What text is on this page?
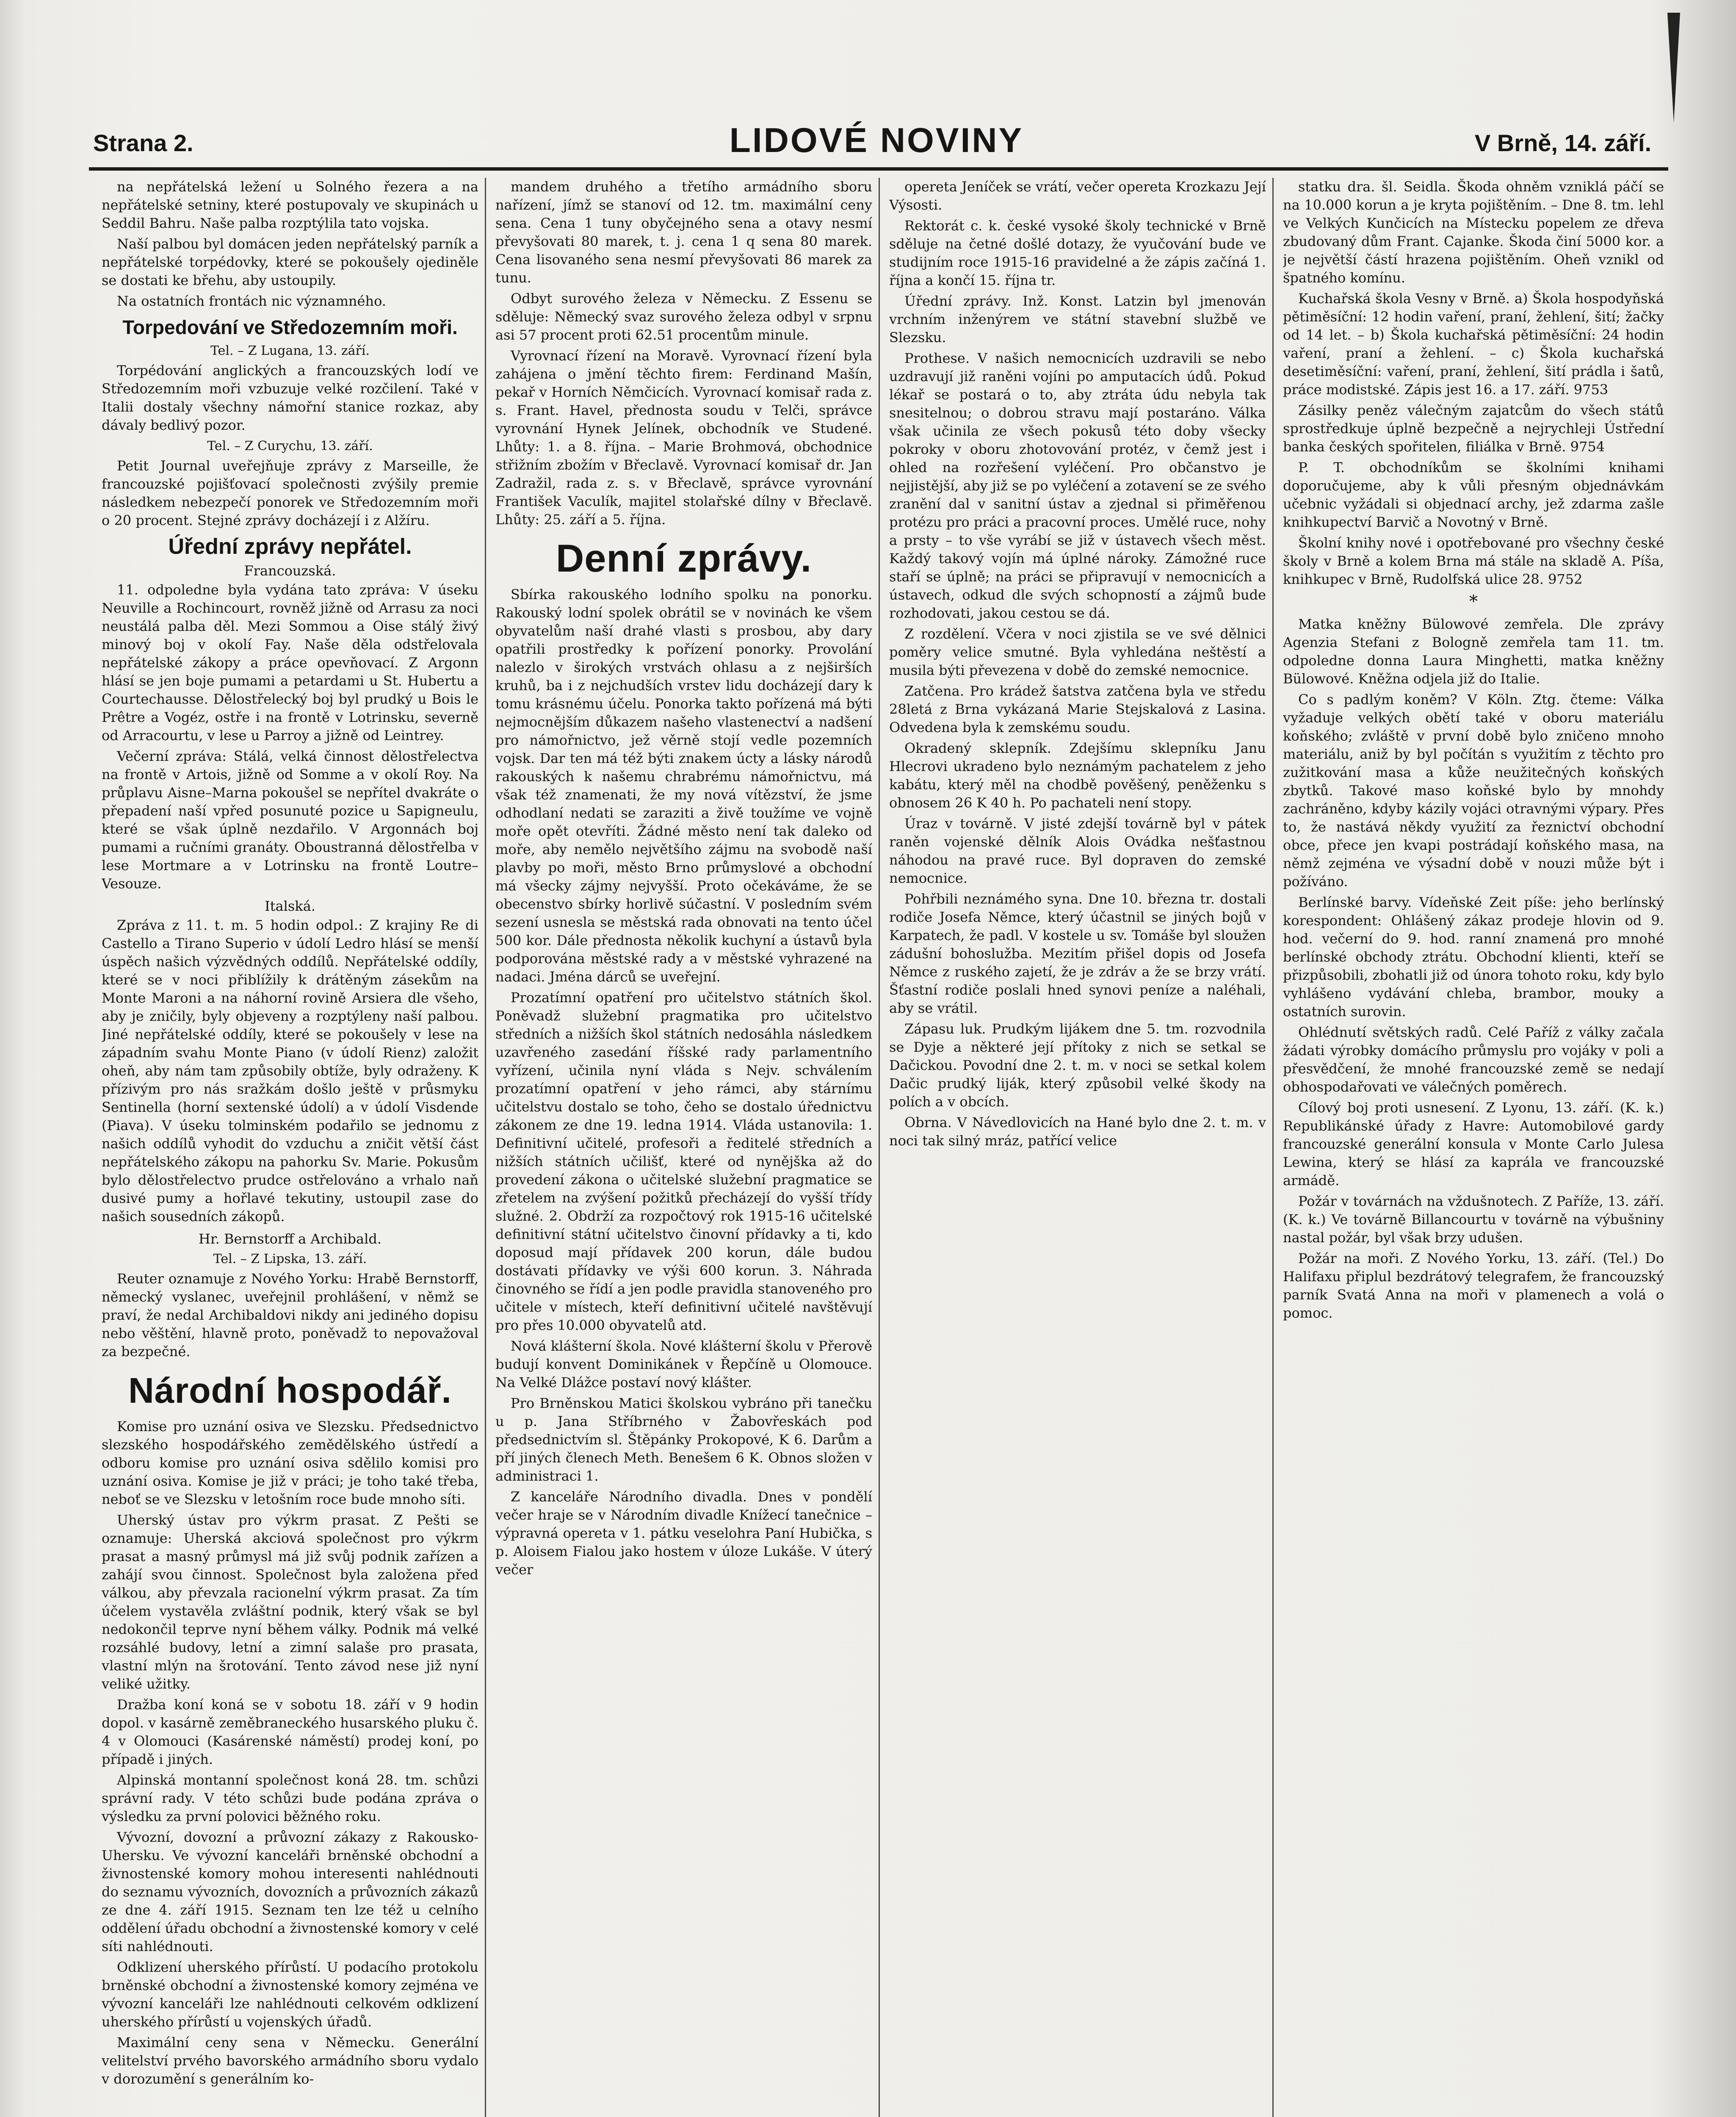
Strana 2.	LIDOVÉ NOVINY	V Brně, 14. září.

na nepřátelská ležení u Solného řezera a na nepřátelské setniny, které postupovaly ve skupinách u Seddil Bahru. Naše palba rozptýlila tato vojska.

Naší palbou byl domácen jeden nepřátelský parník a nepřátelské torpédovky, které se pokoušely ojediněle se dostati ke břehu, aby ustoupily.

Na ostatních frontách nic významného.

Torpedování ve Středozemním moři.
Tel. – Z Lugana, 13. září.

Torpédování anglických a francouzských lodí ve Středozemním moři vzbuzuje velké rozčilení. Také v Italii dostaly všechny námořní stanice rozkaz, aby dávaly bedlivý pozor.

Tel. – Z Curychu, 13. září.

Petit Journal uveřejňuje zprávy z Marseille, že francouzské pojišťovací společnosti zvýšily premie následkem nebezpečí ponorek ve Středozemním moři o 20 procent. Stejné zprávy docházejí i z Alžíru.

Úřední zprávy nepřátel.
Francouzská.

11. odpoledne byla vydána tato zpráva: V úseku Neuville a Rochincourt, rovněž jižně od Arrasu za noci neustálá palba děl. Mezi Sommou a Oise stálý živý minový boj v okolí Fay. Naše děla odstřelovala nepřátelské zákopy a práce opevňovací. Z Argonn hlásí se jen boje pumami a petardami u St. Hubertu a Courtechausse. Dělostřelecký boj byl prudký u Bois le Prêtre a Vogéz, ostře i na frontě v Lotrinsku, severně od Arracourtu, v lese u Parroy a jižně od Leintrey.

Večerní zpráva: Stálá, velká činnost dělostřelectva na frontě v Artois, jižně od Somme a v okolí Roy. Na průplavu Aisne–Marna pokoušel se nepřítel dvakráte o přepadení naší vpřed posunuté pozice u Sapigneulu, které se však úplně nezdařilo. V Argonnách boj pumami a ručními granáty. Oboustranná dělostřelba v lese Mortmare a v Lotrinsku na frontě Loutre–Vesouze.

Italská.

Zpráva z 11. t. m. 5 hodin odpol.: Z krajiny Re di Castello a Tirano Superio v údolí Ledro hlásí se menší úspěch našich výzvědných oddílů. Nepřátelské oddíly, které se v noci přiblížily k drátěným zásekům na Monte Maroni a na náhorní rovině Arsiera dle všeho, aby je zničily, byly objeveny a rozptýleny naší palbou. Jiné nepřátelské oddíly, které se pokoušely v lese na západním svahu Monte Piano (v údolí Rienz) založit oheň, aby nám tam způsobily obtíže, byly odraženy. K přízivým pro nás sražkám došlo ještě v průsmyku Sentinella (horní sextenské údolí) a v údolí Visdende (Piava). V úseku tolminském podařilo se jednomu z našich oddílů vyhodit do vzduchu a zničit větší část nepřátelského zákopu na pahorku Sv. Marie. Pokusům bylo dělostřelectvo prudce ostřelováno a vrhalo naň dusivé pumy a hořlavé tekutiny, ustoupil zase do našich sousedních zákopů.

Hr. Bernstorff a Archibald.
Tel. – Z Lipska, 13. září.

Reuter oznamuje z Nového Yorku: Hrabě Bernstorff, německý vyslanec, uveřejnil prohlášení, v němž se praví, že nedal Archibaldovi nikdy ani jediného dopisu nebo věštění, hlavně proto, poněvadž to nepovažoval za bezpečné.

Národní hospodář.

Komise pro uznání osiva ve Slezsku. Předsednictvo slezského hospodářského zemědělského ústředí a odboru komise pro uznání osiva sdělilo komisi pro uznání osiva. Komise je již v práci; je toho také třeba, neboť se ve Slezsku v letošním roce bude mnoho síti.

Uherský ústav pro výkrm prasat. Z Pešti se oznamuje: Uherská akciová společnost pro výkrm prasat a masný průmysl má již svůj podnik zařízen a zahájí svou činnost. Společnost byla založena před válkou, aby převzala racionelní výkrm prasat. Za tím účelem vystavěla zvláštní podnik, který však se byl nedokončil teprve nyní během války. Podnik má velké rozsáhlé budovy, letní a zimní salaše pro prasata, vlastní mlýn na šrotování. Tento závod nese již nyní veliké užitky.

Dražba koní koná se v sobotu 18. září v 9 hodin dopol. v kasárně zeměbraneckého husarského pluku č. 4 v Olomouci (Kasárenské náměstí) prodej koní, po případě i jiných.

Alpinská montanní společnost koná 28. tm. schůzi správní rady. V této schůzi bude podána zpráva o výsledku za první polovici běžného roku.

Vývozní, dovozní a průvozní zákazy z Rakousko-Uhersku. Ve vývozní kanceláři brněnské obchodní a živnostenské komory mohou interesenti nahlédnouti do seznamu vývozních, dovozních a průvozních zákazů ze dne 4. září 1915. Seznam ten lze též u celního oddělení úřadu obchodní a živnostenské komory v celé síti nahlédnouti.

Odklizení uherského přírůstí. U podacího protokolu brněnské obchodní a živnostenské komory zejména ve vývozní kanceláři lze nahlédnouti celkovém odklizení uherského přírůstí u vojenských úřadů.

Maximální ceny sena v Německu. Generální velitelství prvého bavorského armádního sboru vydalo v dorozumění s generálním ko-

mandem druhého a třetího armádního sboru nařízení, jímž se stanoví od 12. tm. maximální ceny sena. Cena 1 tuny obyčejného sena a otavy nesmí převyšovati 80 marek, t. j. cena 1 q sena 80 marek. Cena lisovaného sena nesmí převyšovati 86 marek za tunu.

Odbyt surového železa v Německu. Z Essenu se sděluje: Německý svaz surového železa odbyl v srpnu asi 57 procent proti 62.51 procentům minule.

Vyrovnací řízení na Moravě. Vyrovnací řízení byla zahájena o jmění těchto firem: Ferdinand Mašín, pekař v Horních Němčicích. Vyrovnací komisař rada z. s. Frant. Havel, přednosta soudu v Telči, správce vyrovnání Hynek Jelínek, obchodník ve Studené. Lhůty: 1. a 8. října. – Marie Brohmová, obchodnice střižním zbožím v Břeclavě. Vyrovnací komisař dr. Jan Zadražil, rada z. s. v Břeclavě, správce vyrovnání František Vaculík, majitel stolařské dílny v Břeclavě. Lhůty: 25. září a 5. října.

Denní zprávy.

Sbírka rakouského lodního spolku na ponorku. Rakouský lodní spolek obrátil se v novinách ke všem obyvatelům naší drahé vlasti s prosbou, aby dary opatřili prostředky k pořízení ponorky. Provolání nalezlo v širokých vrstvách ohlasu a z nejširších kruhů, ba i z nejchudších vrstev lidu docházejí dary k tomu krásnému účelu. Ponorka takto pořízená má býti nejmocnějším důkazem našeho vlastenectví a nadšení pro námořnictvo, jež věrně stojí vedle pozemních vojsk. Dar ten má též býti znakem úcty a lásky národů rakouských k našemu chrabrému námořnictvu, má však též znamenati, že my nová vítězství, že jsme odhodlaní nedati se zaraziti a živě toužíme ve vojně moře opět otevříti. Žádné město není tak daleko od moře, aby nemělo největšího zájmu na svobodě naší plavby po moři, město Brno průmyslové a obchodní má všecky zájmy nejvyšší. Proto očekáváme, že se obecenstvo sbírky horlivě súčastní. V posledním svém sezení usnesla se městská rada obnovati na tento účel 500 kor. Dále přednosta několik kuchyní a ústavů byla podporována městské rady a v městské vyhrazené na nadaci. Jména dárců se uveřejní.

Prozatímní opatření pro učitelstvo státních škol. Poněvadž služební pragmatika pro učitelstvo středních a nižších škol státních nedosáhla následkem uzavřeného zasedání říšské rady parlamentního vyřízení, učinila nyní vláda s Nejv. schválením prozatímní opatření v jeho rámci, aby stárnímu učitelstvu dostalo se toho, čeho se dostalo úřednictvu zákonem ze dne 19. ledna 1914. Vláda ustanovila: 1. Definitivní učitelé, profesoři a ředitelé středních a nižších státních učilišť, které od nynějška až do provedení zákona o učitelské služební pragmatice se zřetelem na zvýšení požitků přecházejí do vyšší třídy služné. 2. Obdrží za rozpočtový rok 1915-16 učitelské definitivní státní učitelstvo činovní přídavky a ti, kdo doposud mají přídavek 200 korun, dále budou dostávati přídavky ve výši 600 korun. 3. Náhrada činovného se řídí a jen podle pravidla stanoveného pro učitele v místech, kteří definitivní učitelé navštěvují pro přes 10.000 obyvatelů atd.

Nová klášterní škola. Nové klášterní školu v Přerově budují konvent Dominikánek v Řepčíně u Olomouce. Na Velké Dlážce postaví nový klášter.

Pro Brněnskou Matici školskou vybráno při tanečku u p. Jana Stříbrného v Žabovřeskách pod předsednictvím sl. Štěpánky Prokopové, K 6. Darům a pří jiných členech Meth. Benešem 6 K. Obnos složen v administraci 1.

Z kanceláře Národního divadla. Dnes v pondělí večer hraje se v Národním divadle Knížecí tanečnice – výpravná opereta v 1. pátku veselohra Paní Hubička, s p. Aloisem Fialou jako hostem v úloze Lukáše. V úterý večer

opereta Jeníček se vrátí, večer opereta Krozkazu Její Výsosti.

Rektorát c. k. české vysoké školy technické v Brně sděluje na četné došlé dotazy, že vyučování bude ve studijním roce 1915-16 pravidelné a že zápis začíná 1. října a končí 15. října tr.

Úřední zprávy. Inž. Konst. Latzin byl jmenován vrchním inženýrem ve státní stavební službě ve Slezsku.

Prothese. V našich nemocnicích uzdravili se nebo uzdravují již raněni vojíni po amputacích údů. Pokud lékař se postará o to, aby ztráta údu nebyla tak snesitelnou; o dobrou stravu mají postaráno. Válka však učinila ze všech pokusů této doby všecky pokroky v oboru zhotovování protéz, v čemž jest i ohled na rozřešení vyléčení. Pro občanstvo je nejjistější, aby již se po vyléčení a zotavení se ze svého zranění dal v sanitní ústav a zjednal si přiměřenou protézu pro práci a pracovní proces. Umělé ruce, nohy a prsty – to vše vyrábí se již v ústavech všech měst. Každý takový vojín má úplné nároky. Zámožné ruce staří se úplně; na práci se připravují v nemocnicích a ústavech, odkud dle svých schopností a zájmů bude rozhodovati, jakou cestou se dá.

Z rozdělení. Včera v noci zjistila se ve své dělnici poměry velice smutné. Byla vyhledána neštěstí a musila býti převezena v době do zemské nemocnice.

Zatčena. Pro krádež šatstva zatčena byla ve středu 28letá z Brna vykázaná Marie Stejskalová z Lasina. Odvedena byla k zemskému soudu.

Okradený sklepník. Zdejšímu sklepníku Janu Hlecrovi ukradeno bylo neznámým pachatelem z jeho kabátu, který měl na chodbě pověšený, peněženku s obnosem 26 K 40 h. Po pachateli není stopy.

Úraz v továrně. V jisté zdejší továrně byl v pátek raněn vojenské dělník Alois Ovádka nešťastnou náhodou na pravé ruce. Byl dopraven do zemské nemocnice.

Pohřbili neznámého syna. Dne 10. března tr. dostali rodiče Josefa Němce, který účastnil se jiných bojů v Karpatech, že padl. V kostele u sv. Tomáše byl sloužen zádušní bohoslužba. Mezitím přišel dopis od Josefa Němce z ruského zajetí, že je zdráv a že se brzy vrátí. Šťastní rodiče poslali hned synovi peníze a naléhali, aby se vrátil.

Zápasu luk. Prudkým lijákem dne 5. tm. rozvodnila se Dyje a některé její přítoky z nich se setkal se Dačickou. Povodní dne 2. t. m. v noci se setkal kolem Dačic prudký liják, který způsobil velké škody na polích a v obcích.

Obrna. V Návedlovicích na Hané bylo dne 2. t. m. v noci tak silný mráz, patřící velice

statku dra. šl. Seidla. Škoda ohněm vzniklá páčí se na 10.000 korun a je kryta pojištěním. – Dne 8. tm. lehl ve Velkých Kunčicích na Místecku popelem ze dřeva zbudovaný dům Frant. Cajanke. Škoda činí 5000 kor. a je největší částí hrazena pojištěním. Oheň vznikl od špatného komínu.

Kuchařská škola Vesny v Brně. a) Škola hospodyňská pětiměsíční: 12 hodin vaření, praní, žehlení, šití; žačky od 14 let. – b) Škola kuchařská pětiměsíční: 24 hodin vaření, praní a žehlení. – c) Škola kuchařská desetiměsíční: vaření, praní, žehlení, šití prádla i šatů, práce modistské. Zápis jest 16. a 17. září. 9753

Zásilky peněz válečným zajatcům do všech států sprostředkuje úplně bezpečně a nejrychleji Ústřední banka českých spořitelen, filiálka v Brně. 9754

P. T. obchodníkům se školními knihami doporučujeme, aby k vůli přesným objednávkám učebnic vyžádali si objednací archy, jež zdarma zašle knihkupectví Barvič a Novotný v Brně.

Školní knihy nové i opotřebované pro všechny české školy v Brně a kolem Brna má stále na skladě A. Píša, knihkupec v Brně, Rudolfská ulice 28. 9752

*

Matka kněžny Bülowové zemřela. Dle zprávy Agenzia Stefani z Bologně zemřela tam 11. tm. odpoledne donna Laura Minghetti, matka kněžny Bülowové. Kněžna odjela již do Italie.

Co s padlým koněm? V Köln. Ztg. čteme: Válka vyžaduje velkých obětí také v oboru materiálu koňského; zvláště v první době bylo zničeno mnoho materiálu, aniž by byl počítán s využitím z těchto pro zužitkování masa a kůže neužitečných koňských zbytků. Takové maso koňské bylo by mnohdy zachráněno, kdyby kázily vojáci otravnými výpary. Přes to, že nastává někdy využití za řeznictví obchodní obce, přece jen kvapi postrádají koňského masa, na němž zejména ve výsadní době v nouzi může být i požíváno.

Berlínské barvy. Vídeňské Zeit píše: jeho berlínský korespondent: Ohlášený zákaz prodeje hlovin od 9. hod. večerní do 9. hod. ranní znamená pro mnohé berlínské obchody ztrátu. Obchodní klienti, kteří se přizpůsobili, zbohatli již od února tohoto roku, kdy bylo vyhlášeno vydávání chleba, brambor, mouky a ostatních surovin.

Ohlédnutí světských radů. Celé Paříž z války začala žádati výrobky domácího průmyslu pro vojáky v poli a přesvědčení, že mnohé francouzské země se nedají obhospodařovati ve válečných poměrech.

Cílový boj proti usnesení. Z Lyonu, 13. září. (K. k.) Republikánské úřady z Havre: Automobilové gardy francouzské generální konsula v Monte Carlo Julesa Lewina, který se hlásí za kaprála ve francouzské armádě.

Požár v továrnách na vždušnotech. Z Paříže, 13. září. (K. k.) Ve továrně Billancourtu v továrně na výbušniny nastal požár, byl však brzy udušen.

Požár na moři. Z Nového Yorku, 13. září. (Tel.) Do Halifaxu připlul bezdrátový telegrafem, že francouzský parník Svatá Anna na moři v plamenech a volá o pomoc.
